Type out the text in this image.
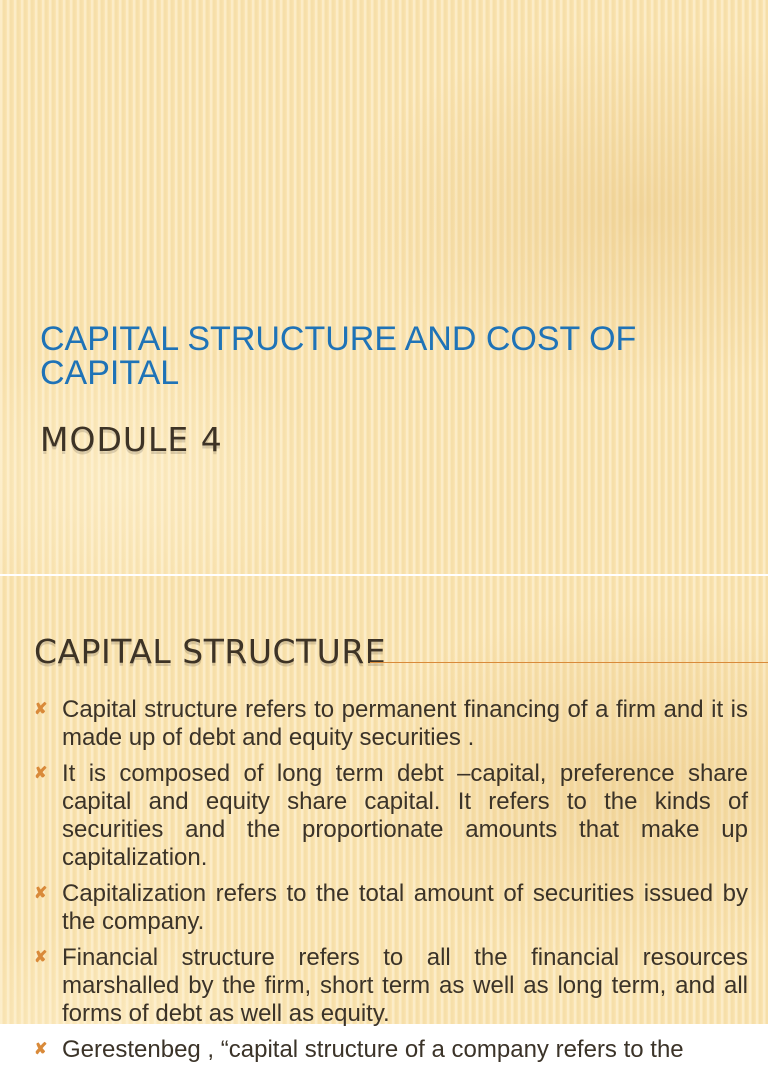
CAPITAL STRUCTURE AND COST OF CAPITAL
MODULE 4
CAPITAL STRUCTURE
✘ Capital structure refers to permanent financing of a firm and it is made up of debt and equity securities .
✘ It is composed of long term debt –capital, preference share capital and equity share capital. It refers to the kinds of securities and the proportionate amounts that make up capitalization.
✘ Capitalization refers to the total amount of securities issued by the company.
✘ Financial structure refers to all the financial resources marshalled by the firm, short term as well as long term, and all forms of debt as well as equity.
✘ Gerestenbeg , “capital structure of a company refers to the
